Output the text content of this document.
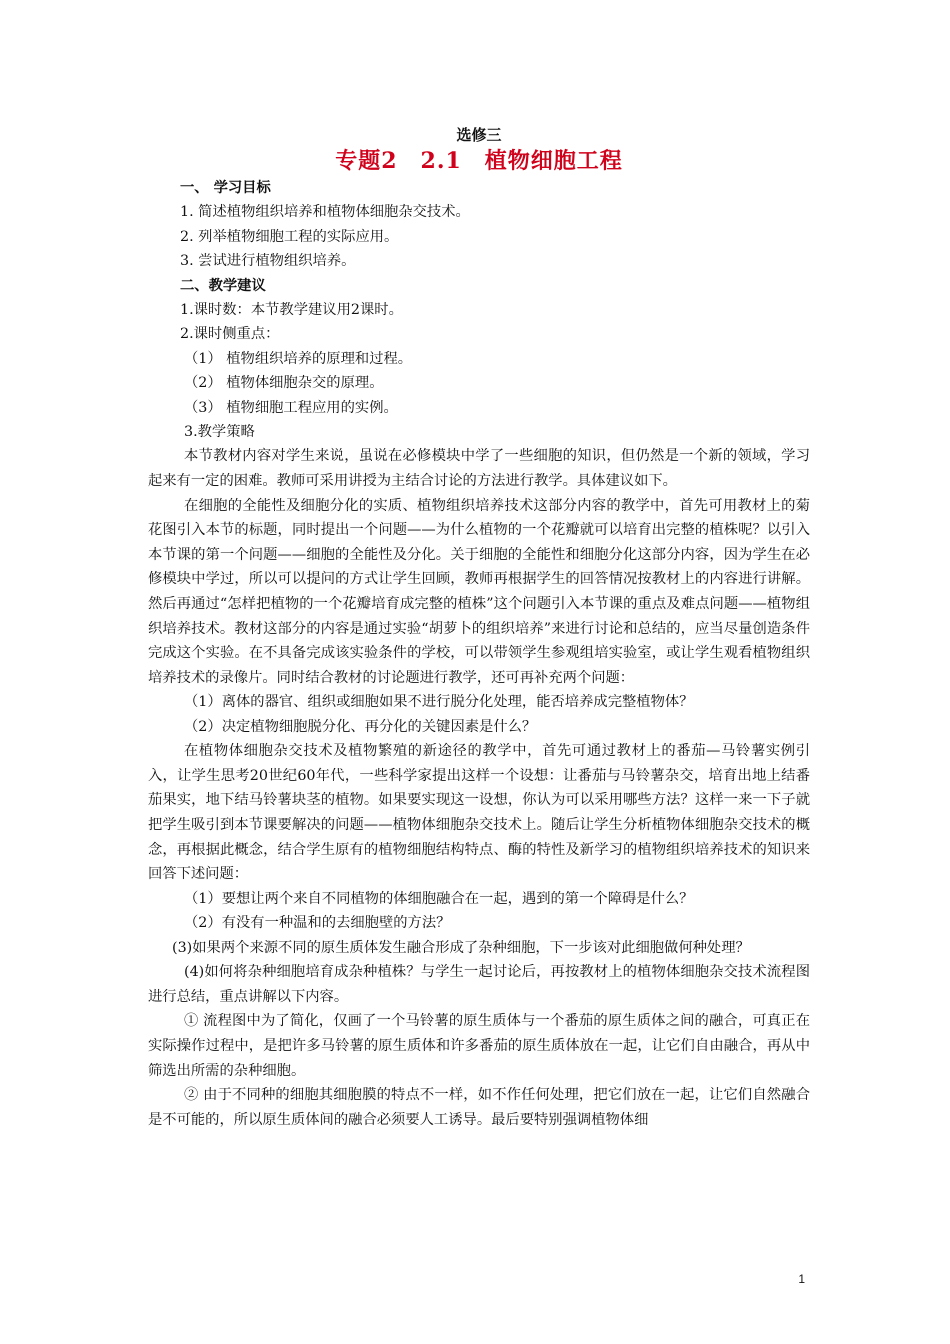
选修三
专题2　2.1　植物细胞工程
一、 学习目标
1. 简述植物组织培养和植物体细胞杂交技术。
2. 列举植物细胞工程的实际应用。
3. 尝试进行植物组织培养。
二、教学建议
1.课时数：本节教学建议用2课时。
2.课时侧重点：
（1） 植物组织培养的原理和过程。
（2） 植物体细胞杂交的原理。
（3） 植物细胞工程应用的实例。
3.教学策略

本节教材内容对学生来说，虽说在必修模块中学了一些细胞的知识，但仍然是一个新的领域，学习起来有一定的困难。教师可采用讲授为主结合讨论的方法进行教学。具体建议如下。

在细胞的全能性及细胞分化的实质、植物组织培养技术这部分内容的教学中，首先可用教材上的菊花图引入本节的标题，同时提出一个问题——为什么植物的一个花瓣就可以培育出完整的植株呢？以引入本节课的第一个问题——细胞的全能性及分化。关于细胞的全能性和细胞分化这部分内容，因为学生在必修模块中学过，所以可以提问的方式让学生回顾，教师再根据学生的回答情况按教材上的内容进行讲解。然后再通过“怎样把植物的一个花瓣培育成完整的植株”这个问题引入本节课的重点及难点问题——植物组织培养技术。教材这部分的内容是通过实验“胡萝卜的组织培养”来进行讨论和总结的，应当尽量创造条件完成这个实验。在不具备完成该实验条件的学校，可以带领学生参观组培实验室，或让学生观看植物组织培养技术的录像片。同时结合教材的讨论题进行教学，还可再补充两个问题：

（1）离体的器官、组织或细胞如果不进行脱分化处理，能否培养成完整植物体？
（2）决定植物细胞脱分化、再分化的关键因素是什么？

在植物体细胞杂交技术及植物繁殖的新途径的教学中，首先可通过教材上的番茄—马铃薯实例引入，让学生思考20世纪60年代，一些科学家提出这样一个设想：让番茄与马铃薯杂交，培育出地上结番茄果实，地下结马铃薯块茎的植物。如果要实现这一设想，你认为可以采用哪些方法？这样一来一下子就把学生吸引到本节课要解决的问题——植物体细胞杂交技术上。随后让学生分析植物体细胞杂交技术的概念，再根据此概念，结合学生原有的植物细胞结构特点、酶的特性及新学习的植物组织培养技术的知识来回答下述问题：

（1）要想让两个来自不同植物的体细胞融合在一起，遇到的第一个障碍是什么？
（2）有没有一种温和的去细胞壁的方法？

(3)如果两个来源不同的原生质体发生融合形成了杂种细胞，下一步该对此细胞做何种处理？

(4)如何将杂种细胞培育成杂种植株？与学生一起讨论后，再按教材上的植物体细胞杂交技术流程图进行总结，重点讲解以下内容。

① 流程图中为了简化，仅画了一个马铃薯的原生质体与一个番茄的原生质体之间的融合，可真正在实际操作过程中，是把许多马铃薯的原生质体和许多番茄的原生质体放在一起，让它们自由融合，再从中筛选出所需的杂种细胞。

② 由于不同种的细胞其细胞膜的特点不一样，如不作任何处理，把它们放在一起，让它们自然融合是不可能的，所以原生质体间的融合必须要人工诱导。最后要特别强调植物体细

1
